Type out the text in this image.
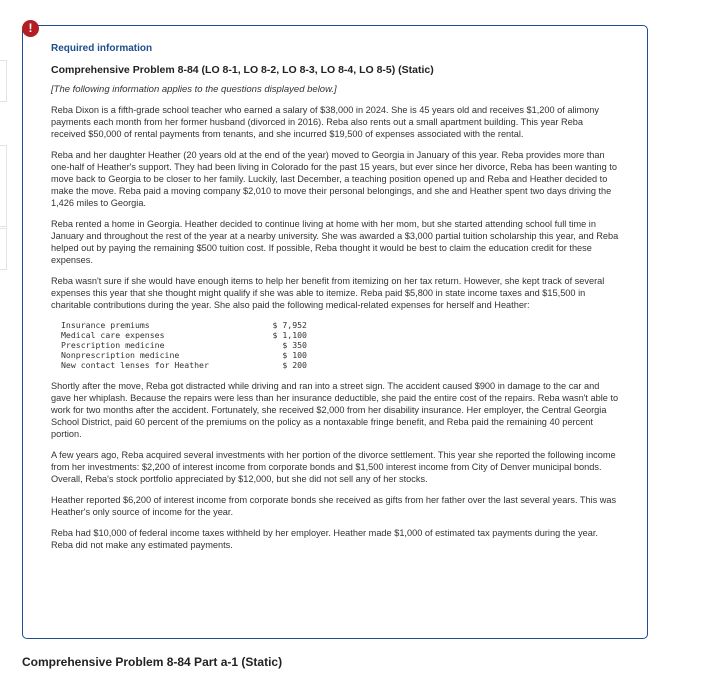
!

Required information

Comprehensive Problem 8-84 (LO 8-1, LO 8-2, LO 8-3, LO 8-4, LO 8-5) (Static)

[The following information applies to the questions displayed below.]

Reba Dixon is a fifth-grade school teacher who earned a salary of $38,000 in 2024. She is 45 years old and receives $1,200 of alimony payments each month from her former husband (divorced in 2016). Reba also rents out a small apartment building. This year Reba received $50,000 of rental payments from tenants, and she incurred $19,500 of expenses associated with the rental.

Reba and her daughter Heather (20 years old at the end of the year) moved to Georgia in January of this year. Reba provides more than one-half of Heather's support. They had been living in Colorado for the past 15 years, but ever since her divorce, Reba has been wanting to move back to Georgia to be closer to her family. Luckily, last December, a teaching position opened up and Reba and Heather decided to make the move. Reba paid a moving company $2,010 to move their personal belongings, and she and Heather spent two days driving the 1,426 miles to Georgia.

Reba rented a home in Georgia. Heather decided to continue living at home with her mom, but she started attending school full time in January and throughout the rest of the year at a nearby university. She was awarded a $3,000 partial tuition scholarship this year, and Reba helped out by paying the remaining $500 tuition cost. If possible, Reba thought it would be best to claim the education credit for these expenses.

Reba wasn't sure if she would have enough items to help her benefit from itemizing on her tax return. However, she kept track of several expenses this year that she thought might qualify if she was able to itemize. Reba paid $5,800 in state income taxes and $15,500 in charitable contributions during the year. She also paid the following medical-related expenses for herself and Heather:

Insurance premiums	$ 7,952
Medical care expenses	$ 1,100
Prescription medicine	$ 350
Nonprescription medicine	$ 100
New contact lenses for Heather	$ 200

Shortly after the move, Reba got distracted while driving and ran into a street sign. The accident caused $900 in damage to the car and gave her whiplash. Because the repairs were less than her insurance deductible, she paid the entire cost of the repairs. Reba wasn't able to work for two months after the accident. Fortunately, she received $2,000 from her disability insurance. Her employer, the Central Georgia School District, paid 60 percent of the premiums on the policy as a nontaxable fringe benefit, and Reba paid the remaining 40 percent portion.

A few years ago, Reba acquired several investments with her portion of the divorce settlement. This year she reported the following income from her investments: $2,200 of interest income from corporate bonds and $1,500 interest income from City of Denver municipal bonds. Overall, Reba's stock portfolio appreciated by $12,000, but she did not sell any of her stocks.

Heather reported $6,200 of interest income from corporate bonds she received as gifts from her father over the last several years. This was Heather's only source of income for the year.

Reba had $10,000 of federal income taxes withheld by her employer. Heather made $1,000 of estimated tax payments during the year. Reba did not make any estimated payments.

Comprehensive Problem 8-84 Part a-1 (Static)
